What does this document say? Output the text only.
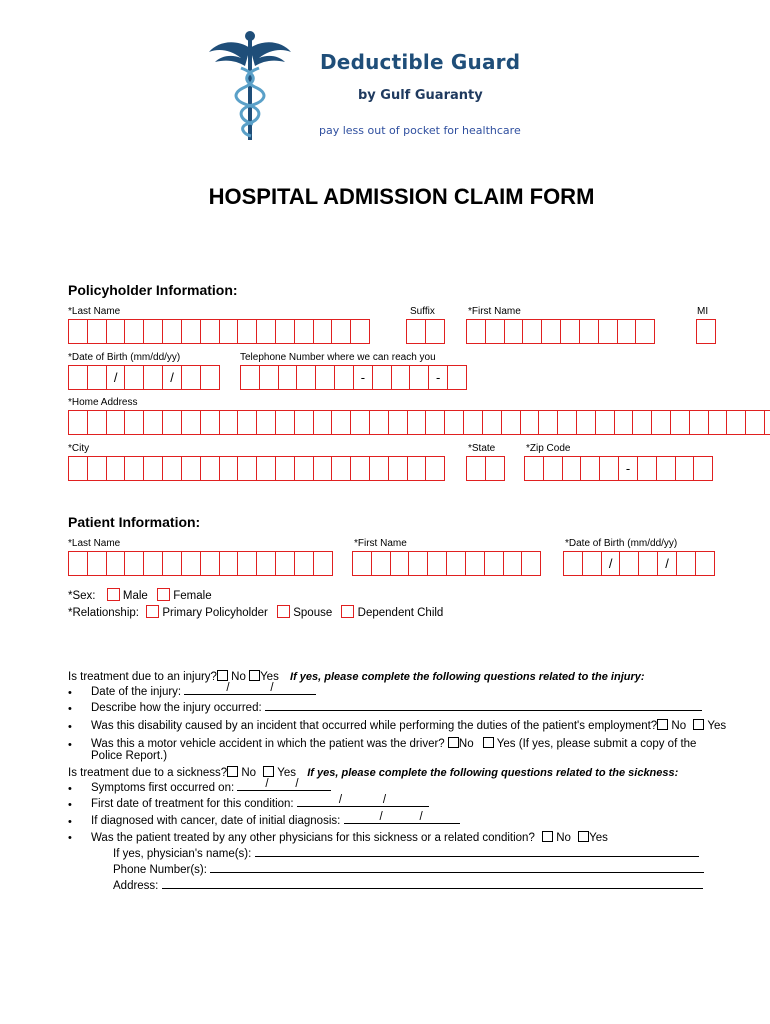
Deductible Guard
by Gulf Guaranty
pay less out of pocket for healthcare
HOSPITAL ADMISSION CLAIM FORM
Policyholder Information:
*Last Name	Suffix	*First Name	MI
*Date of Birth (mm/dd/yy)	Telephone Number where we can reach you
/	/	-	-
*Home Address
*City	*State	*Zip Code
-
Patient Information:
*Last Name	*First Name	*Date of Birth (mm/dd/yy)
/	/
*Sex: Male Female
*Relationship: Primary Policyholder Spouse Dependent Child
Is treatment due to an injury? No Yes If yes, please complete the following questions related to the injury:
• Date of the injury:	/	/
• Describe how the injury occurred:
• Was this disability caused by an incident that occurred while performing the duties of the patient's employment? No Yes
• Was this a motor vehicle accident in which the patient was the driver? No Yes (If yes, please submit a copy of the
Police Report.)
Is treatment due to a sickness? No Yes If yes, please complete the following questions related to the sickness:
• Symptoms first occurred on:	/ /
• First date of treatment for this condition:	/	/
• If diagnosed with cancer, date of initial diagnosis:	/	/
• Was the patient treated by any other physicians for this sickness or a related condition? No Yes
If yes, physician's name(s):
Phone Number(s):
Address:
